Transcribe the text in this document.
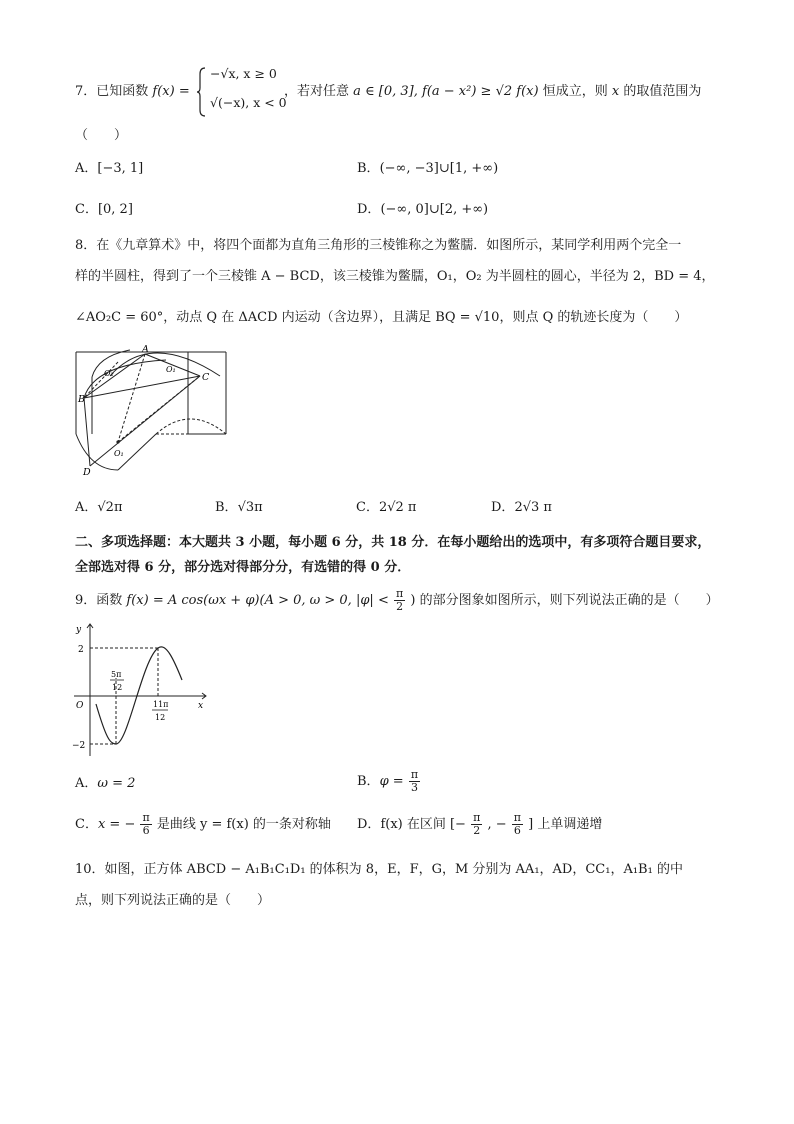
7．已知函数 f(x) =
−√x, x ≥ 0
√(−x), x < 0
，若对任意 a ∈ [0, 3], f(a − x²) ≥ √2 f(x) 恒成立，则 x 的取值范围为
（　　）
A．[−3, 1]	B．(−∞, −3]∪[1, +∞)
C．[0, 2]	D．(−∞, 0]∪[2, +∞)
8．在《九章算术》中，将四个面都为直角三角形的三棱锥称之为鳖臑．如图所示，某同学利用两个完全一
样的半圆柱，得到了一个三棱锥 A − BCD，该三棱锥为鳖臑，O₁，O₂ 为半圆柱的圆心，半径为 2，BD = 4，
∠AO₂C = 60°，动点 Q 在 ΔACD 内运动（含边界），且满足 BQ = √10，则点 Q 的轨迹长度为（　　）
A
B
C
D
O₂	O₁
O₁
A．√2π	B．√3π	C．2√2 π	D．2√3 π
二、多项选择题：本大题共 3 小题，每小题 6 分，共 18 分．在每小题给出的选项中，有多项符合题目要求，
全部选对得 6 分，部分选对得部分分，有选错的得 0 分．
9．函数 f(x) = A cos(ωx + φ)(A > 0, ω > 0, $|\varphi| < \frac{\pi}{2}$ ) 的部分图象如图所示，则下列说法正确的是（　　）
y
x
O
2
−2
5π
12
11π
12
A．ω = 2	B．$\varphi = \frac{\pi}{3}$
C．x = − $\frac{\pi}{6}$ 是曲线 y = f(x) 的一条对称轴 D．f(x) 在区间 [− $\frac{\pi}{2}$ , − $\frac{\pi}{6}$ ] 上单调递增
10．如图，正方体 ABCD − A₁B₁C₁D₁ 的体积为 8，E，F，G，M 分别为 AA₁，AD，CC₁，A₁B₁ 的中
点，则下列说法正确的是（　　）
